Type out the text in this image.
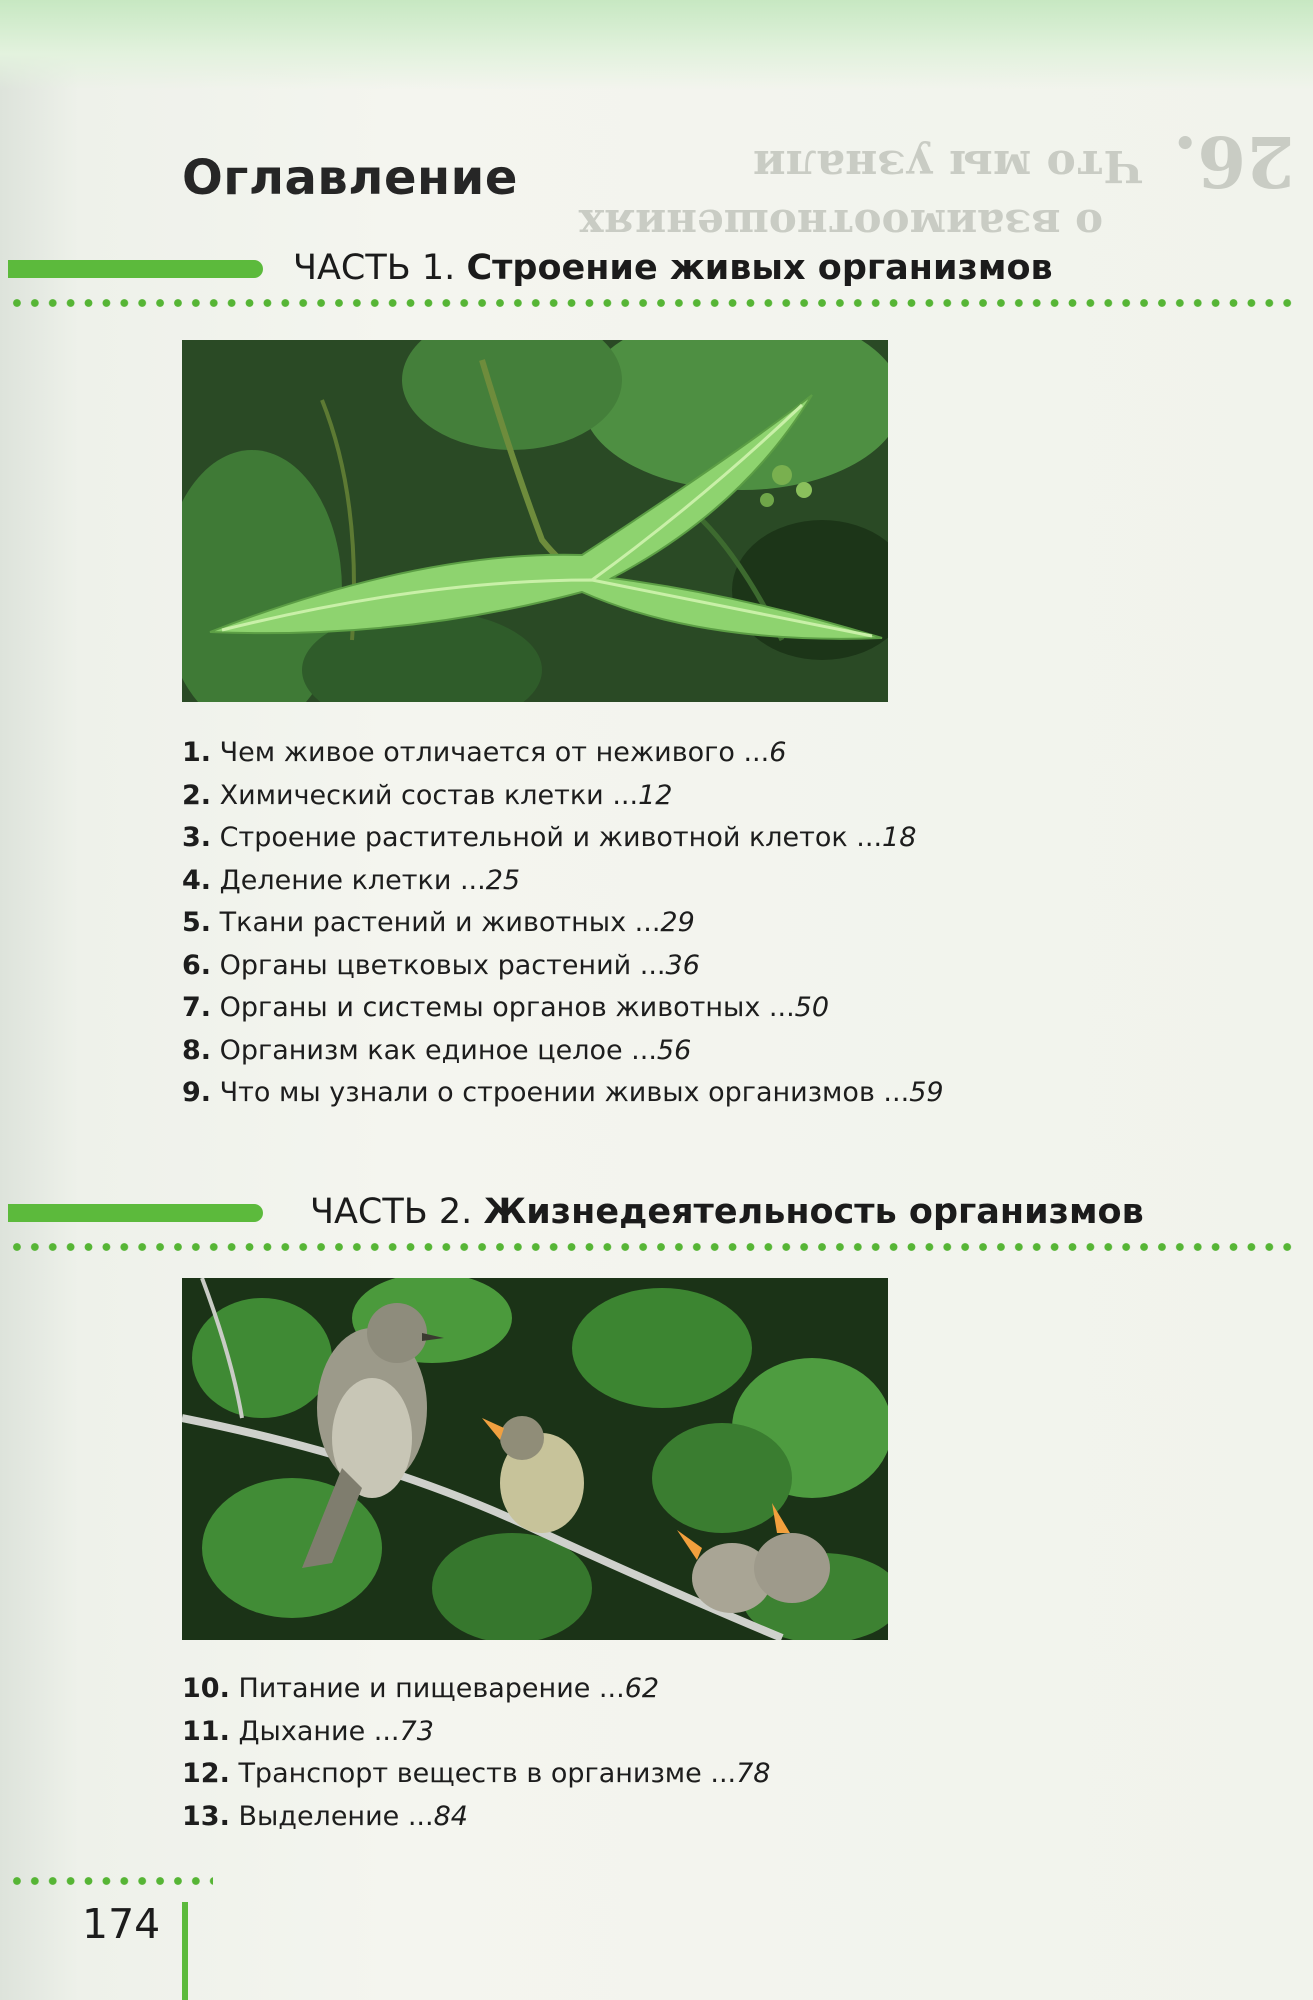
26.
Что мы узнали
о взаимоотношениях
Оглавление
ЧАСТЬ 1. Строение живых организмов
1. Чем живое отличается от неживого ...6
2. Химический состав клетки ...12
3. Строение растительной и животной клеток ...18
4. Деление клетки ...25
5. Ткани растений и животных ...29
6. Органы цветковых растений ...36
7. Органы и системы органов животных ...50
8. Организм как единое целое ...56
9. Что мы узнали о строении живых организмов ...59
ЧАСТЬ 2. Жизнедеятельность организмов
10. Питание и пищеварение ...62
11. Дыхание ...73
12. Транспорт веществ в организме ...78
13. Выделение ...84
174
